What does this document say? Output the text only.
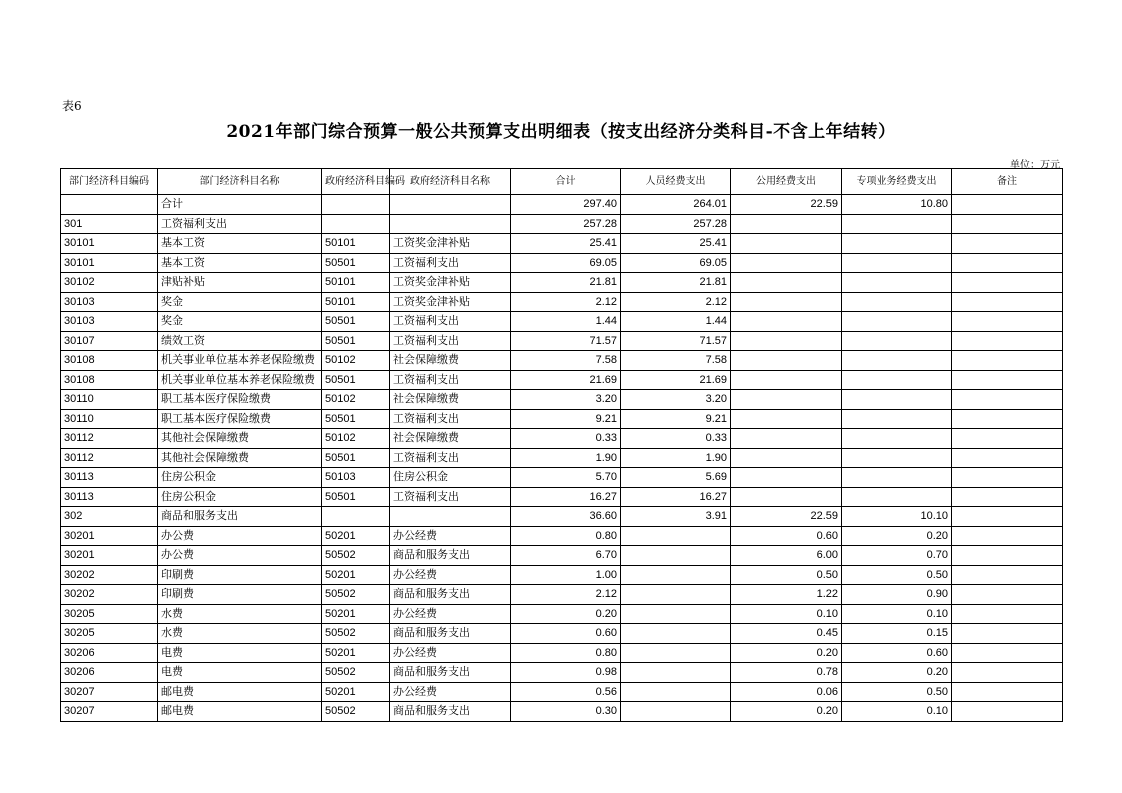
表6
2021年部门综合预算一般公共预算支出明细表（按支出经济分类科目-不含上年结转）
单位：万元
部门经济科目编码	部门经济科目名称	政府经济科目编码	政府经济科目名称	合计	人员经费支出	公用经费支出	专项业务经费支出	备注
	合计			297.40	264.01	22.59	10.80	
301	工资福利支出			257.28	257.28			
30101	基本工资	50101	工资奖金津补贴	25.41	25.41			
30101	基本工资	50501	工资福利支出	69.05	69.05			
30102	津贴补贴	50101	工资奖金津补贴	21.81	21.81			
30103	奖金	50101	工资奖金津补贴	2.12	2.12			
30103	奖金	50501	工资福利支出	1.44	1.44			
30107	绩效工资	50501	工资福利支出	71.57	71.57			
30108	机关事业单位基本养老保险缴费	50102	社会保障缴费	7.58	7.58			
30108	机关事业单位基本养老保险缴费	50501	工资福利支出	21.69	21.69			
30110	职工基本医疗保险缴费	50102	社会保障缴费	3.20	3.20			
30110	职工基本医疗保险缴费	50501	工资福利支出	9.21	9.21			
30112	其他社会保障缴费	50102	社会保障缴费	0.33	0.33			
30112	其他社会保障缴费	50501	工资福利支出	1.90	1.90			
30113	住房公积金	50103	住房公积金	5.70	5.69			
30113	住房公积金	50501	工资福利支出	16.27	16.27			
302	商品和服务支出			36.60	3.91	22.59	10.10	
30201	办公费	50201	办公经费	0.80		0.60	0.20	
30201	办公费	50502	商品和服务支出	6.70		6.00	0.70	
30202	印刷费	50201	办公经费	1.00		0.50	0.50	
30202	印刷费	50502	商品和服务支出	2.12		1.22	0.90	
30205	水费	50201	办公经费	0.20		0.10	0.10	
30205	水费	50502	商品和服务支出	0.60		0.45	0.15	
30206	电费	50201	办公经费	0.80		0.20	0.60	
30206	电费	50502	商品和服务支出	0.98		0.78	0.20	
30207	邮电费	50201	办公经费	0.56		0.06	0.50	
30207	邮电费	50502	商品和服务支出	0.30		0.20	0.10	
